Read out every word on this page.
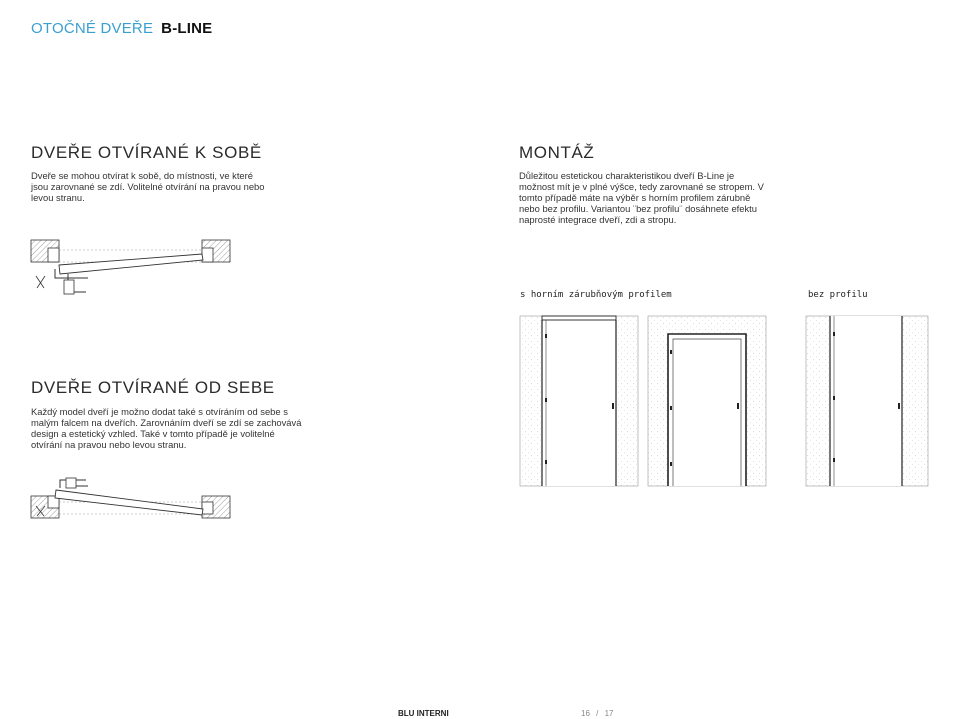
OTOČNÉ DVEŘE B-LINE
DVEŘE OTVÍRANÉ K SOBĚ
Dveře se mohou otvírat k sobě, do místnosti, ve které jsou zarovnané se zdí. Volitelné otvírání na pravou nebo levou stranu.
MONTÁŽ
Důležitou estetickou charakteristikou dveří B-Line je možnost mít je v plné výšce, tedy zarovnané se stropem. V tomto případě máte na výběr s horním profilem zárubně nebo bez profilu. Variantou ¨bez profilu¨ dosáhnete efektu naprosté integrace dveří, zdi a stropu.
DVEŘE OTVÍRANÉ OD SEBE
Každý model dveří je možno dodat také s otvíráním od sebe s malým falcem na dveřích. Zarovnáním dveří se zdí se zachovává design a estetický vzhled. Také v tomto případě je volitelné otvírání na pravou nebo levou stranu.
s horním zárubňovým profilem	bez profilu
BLU INTERNI	16 / 17
